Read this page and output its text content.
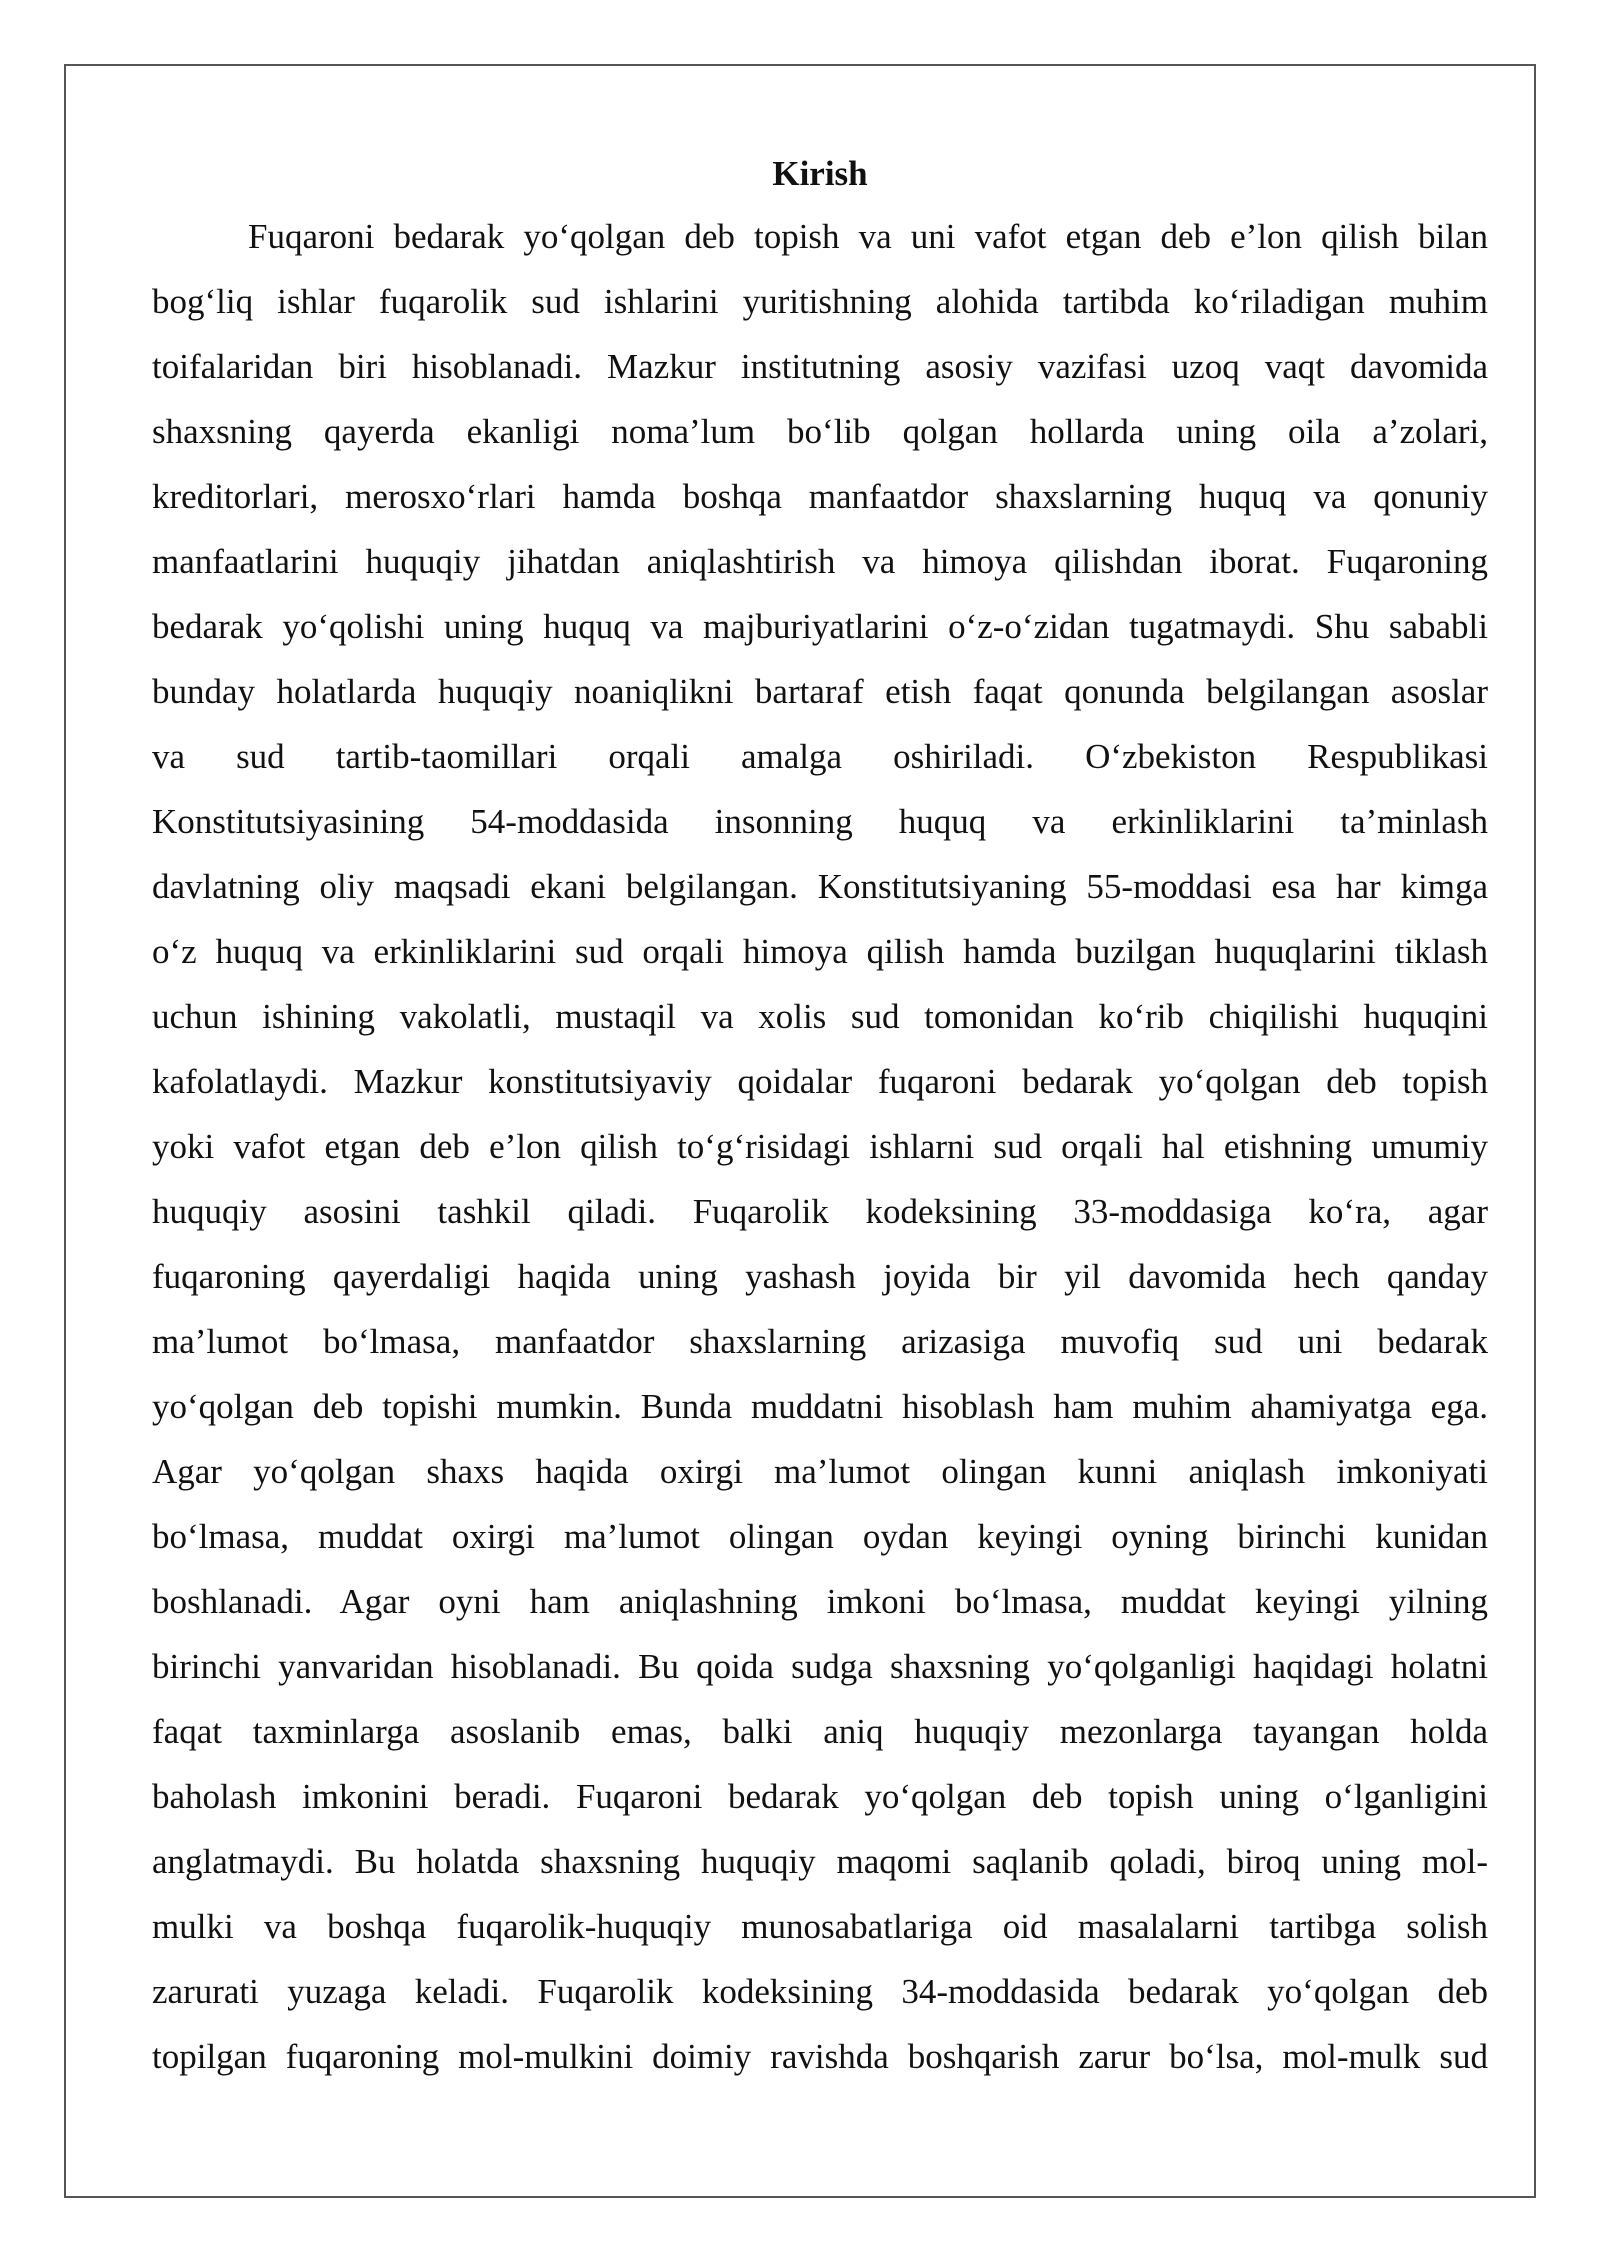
Kirish
Fuqaroni bedarak yo‘qolgan deb topish va uni vafot etgan deb e’lon qilish bilan
bog‘liq ishlar fuqarolik sud ishlarini yuritishning alohida tartibda ko‘riladigan muhim
toifalaridan biri hisoblanadi. Mazkur institutning asosiy vazifasi uzoq vaqt davomida
shaxsning qayerda ekanligi noma’lum bo‘lib qolgan hollarda uning oila a’zolari,
kreditorlari, merosxo‘rlari hamda boshqa manfaatdor shaxslarning huquq va qonuniy
manfaatlarini huquqiy jihatdan aniqlashtirish va himoya qilishdan iborat. Fuqaroning
bedarak yo‘qolishi uning huquq va majburiyatlarini o‘z-o‘zidan tugatmaydi. Shu sababli
bunday holatlarda huquqiy noaniqlikni bartaraf etish faqat qonunda belgilangan asoslar
va sud tartib-taomillari orqali amalga oshiriladi. O‘zbekiston Respublikasi
Konstitutsiyasining 54-moddasida insonning huquq va erkinliklarini ta’minlash
davlatning oliy maqsadi ekani belgilangan. Konstitutsiyaning 55-moddasi esa har kimga
o‘z huquq va erkinliklarini sud orqali himoya qilish hamda buzilgan huquqlarini tiklash
uchun ishining vakolatli, mustaqil va xolis sud tomonidan ko‘rib chiqilishi huquqini
kafolatlaydi. Mazkur konstitutsiyaviy qoidalar fuqaroni bedarak yo‘qolgan deb topish
yoki vafot etgan deb e’lon qilish to‘g‘risidagi ishlarni sud orqali hal etishning umumiy
huquqiy asosini tashkil qiladi. Fuqarolik kodeksining 33-moddasiga ko‘ra, agar
fuqaroning qayerdaligi haqida uning yashash joyida bir yil davomida hech qanday
ma’lumot bo‘lmasa, manfaatdor shaxslarning arizasiga muvofiq sud uni bedarak
yo‘qolgan deb topishi mumkin. Bunda muddatni hisoblash ham muhim ahamiyatga ega.
Agar yo‘qolgan shaxs haqida oxirgi ma’lumot olingan kunni aniqlash imkoniyati
bo‘lmasa, muddat oxirgi ma’lumot olingan oydan keyingi oyning birinchi kunidan
boshlanadi. Agar oyni ham aniqlashning imkoni bo‘lmasa, muddat keyingi yilning
birinchi yanvaridan hisoblanadi. Bu qoida sudga shaxsning yo‘qolganligi haqidagi holatni
faqat taxminlarga asoslanib emas, balki aniq huquqiy mezonlarga tayangan holda
baholash imkonini beradi. Fuqaroni bedarak yo‘qolgan deb topish uning o‘lganligini
anglatmaydi. Bu holatda shaxsning huquqiy maqomi saqlanib qoladi, biroq uning mol-
mulki va boshqa fuqarolik-huquqiy munosabatlariga oid masalalarni tartibga solish
zarurati yuzaga keladi. Fuqarolik kodeksining 34-moddasida bedarak yo‘qolgan deb
topilgan fuqaroning mol-mulkini doimiy ravishda boshqarish zarur bo‘lsa, mol-mulk sud
